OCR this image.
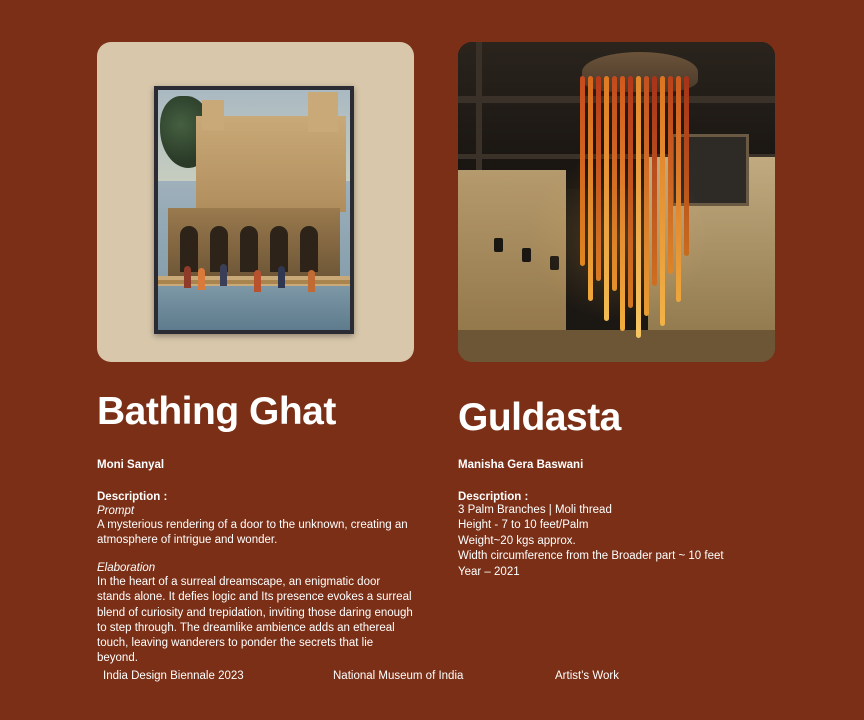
Bathing Ghat
Moni Sanyal
Description :
Prompt
A mysterious rendering of a door to the unknown, creating an atmosphere of intrigue and wonder.
Elaboration
In the heart of a surreal dreamscape, an enigmatic door stands alone. It defies logic and Its presence evokes a surreal blend of curiosity and trepidation, inviting those daring enough to step through. The dreamlike ambience adds an ethereal touch, leaving wanderers to ponder the secrets that lie beyond.
Guldasta
Manisha Gera Baswani
Description :
3 Palm Branches | Moli thread
Height - 7 to 10 feet/Palm
Weight~20 kgs approx.
Width circumference from the Broader part ~ 10 feet
Year – 2021
India Design Biennale 2023	National Museum of India	Artist's Work
